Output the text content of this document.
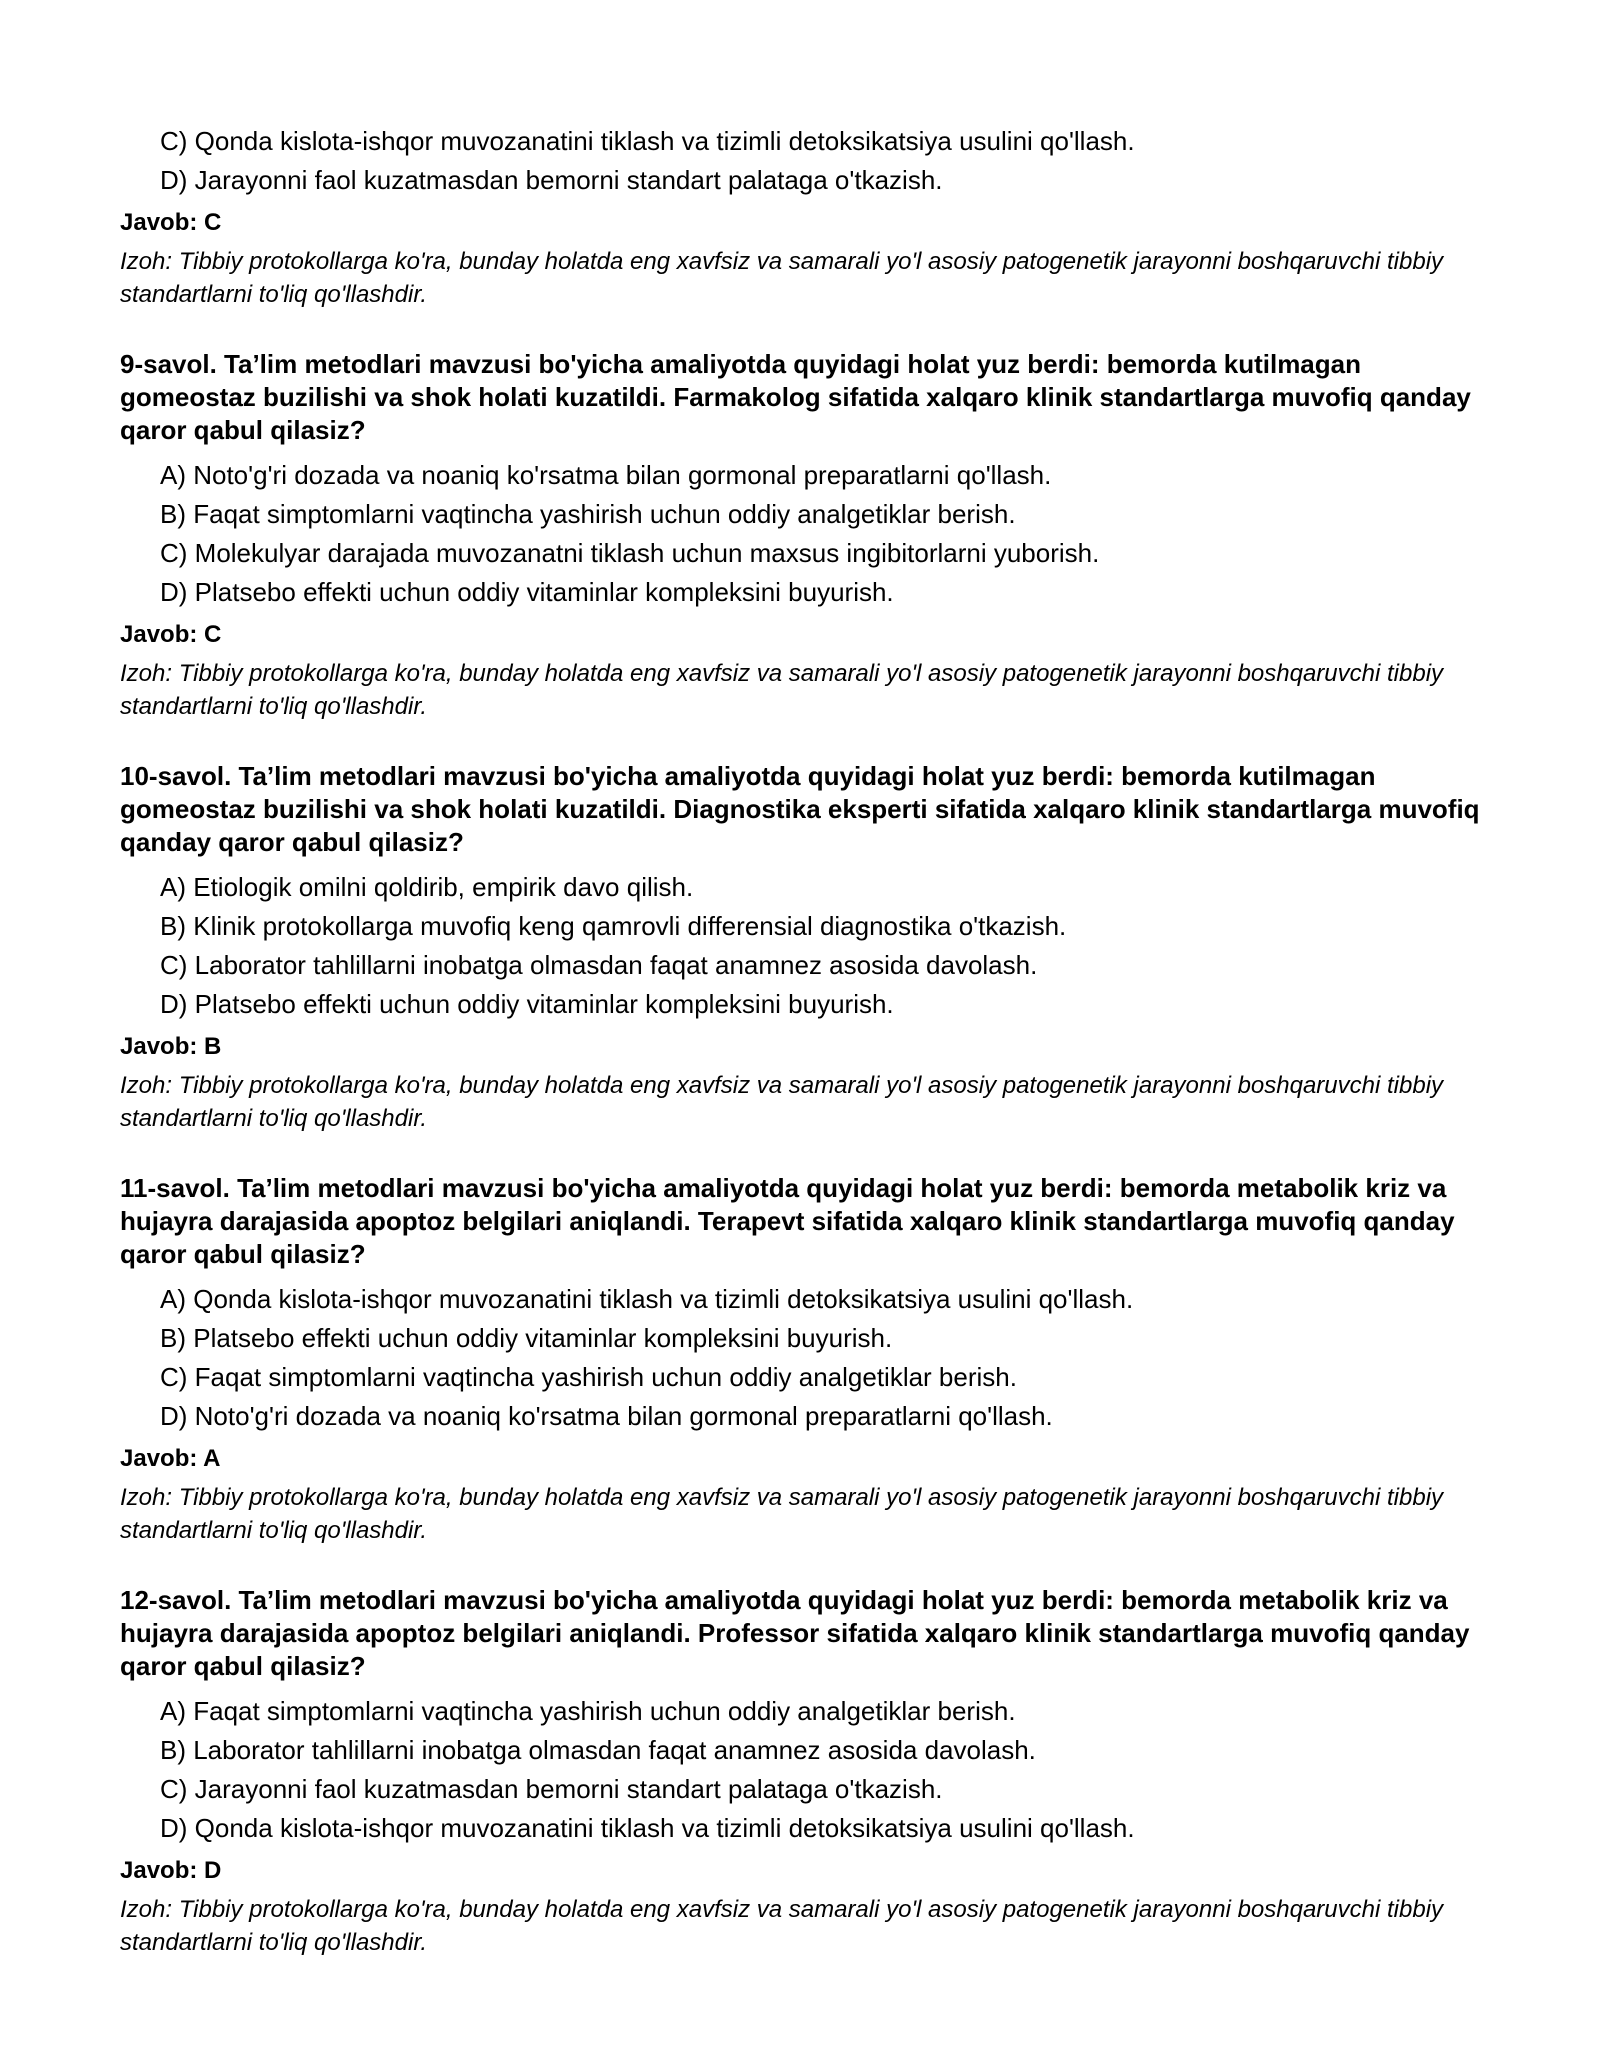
C) Qonda kislota-ishqor muvozanatini tiklash va tizimli detoksikatsiya usulini qo'llash.
D) Jarayonni faol kuzatmasdan bemorni standart palataga o'tkazish.
Javob: C
Izoh: Tibbiy protokollarga ko'ra, bunday holatda eng xavfsiz va samarali yo'l asosiy patogenetik jarayonni boshqaruvchi tibbiy standartlarni to'liq qo'llashdir.
9-savol. Ta’lim metodlari mavzusi bo'yicha amaliyotda quyidagi holat yuz berdi: bemorda kutilmagan gomeostaz buzilishi va shok holati kuzatildi. Farmakolog sifatida xalqaro klinik standartlarga muvofiq qanday qaror qabul qilasiz?
A) Noto'g'ri dozada va noaniq ko'rsatma bilan gormonal preparatlarni qo'llash.
B) Faqat simptomlarni vaqtincha yashirish uchun oddiy analgetiklar berish.
C) Molekulyar darajada muvozanatni tiklash uchun maxsus ingibitorlarni yuborish.
D) Platsebo effekti uchun oddiy vitaminlar kompleksini buyurish.
Javob: C
Izoh: Tibbiy protokollarga ko'ra, bunday holatda eng xavfsiz va samarali yo'l asosiy patogenetik jarayonni boshqaruvchi tibbiy standartlarni to'liq qo'llashdir.
10-savol. Ta’lim metodlari mavzusi bo'yicha amaliyotda quyidagi holat yuz berdi: bemorda kutilmagan gomeostaz buzilishi va shok holati kuzatildi. Diagnostika eksperti sifatida xalqaro klinik standartlarga muvofiq qanday qaror qabul qilasiz?
A) Etiologik omilni qoldirib, empirik davo qilish.
B) Klinik protokollarga muvofiq keng qamrovli differensial diagnostika o'tkazish.
C) Laborator tahlillarni inobatga olmasdan faqat anamnez asosida davolash.
D) Platsebo effekti uchun oddiy vitaminlar kompleksini buyurish.
Javob: B
Izoh: Tibbiy protokollarga ko'ra, bunday holatda eng xavfsiz va samarali yo'l asosiy patogenetik jarayonni boshqaruvchi tibbiy standartlarni to'liq qo'llashdir.
11-savol. Ta’lim metodlari mavzusi bo'yicha amaliyotda quyidagi holat yuz berdi: bemorda metabolik kriz va hujayra darajasida apoptoz belgilari aniqlandi. Terapevt sifatida xalqaro klinik standartlarga muvofiq qanday qaror qabul qilasiz?
A) Qonda kislota-ishqor muvozanatini tiklash va tizimli detoksikatsiya usulini qo'llash.
B) Platsebo effekti uchun oddiy vitaminlar kompleksini buyurish.
C) Faqat simptomlarni vaqtincha yashirish uchun oddiy analgetiklar berish.
D) Noto'g'ri dozada va noaniq ko'rsatma bilan gormonal preparatlarni qo'llash.
Javob: A
Izoh: Tibbiy protokollarga ko'ra, bunday holatda eng xavfsiz va samarali yo'l asosiy patogenetik jarayonni boshqaruvchi tibbiy standartlarni to'liq qo'llashdir.
12-savol. Ta’lim metodlari mavzusi bo'yicha amaliyotda quyidagi holat yuz berdi: bemorda metabolik kriz va hujayra darajasida apoptoz belgilari aniqlandi. Professor sifatida xalqaro klinik standartlarga muvofiq qanday qaror qabul qilasiz?
A) Faqat simptomlarni vaqtincha yashirish uchun oddiy analgetiklar berish.
B) Laborator tahlillarni inobatga olmasdan faqat anamnez asosida davolash.
C) Jarayonni faol kuzatmasdan bemorni standart palataga o'tkazish.
D) Qonda kislota-ishqor muvozanatini tiklash va tizimli detoksikatsiya usulini qo'llash.
Javob: D
Izoh: Tibbiy protokollarga ko'ra, bunday holatda eng xavfsiz va samarali yo'l asosiy patogenetik jarayonni boshqaruvchi tibbiy standartlarni to'liq qo'llashdir.
